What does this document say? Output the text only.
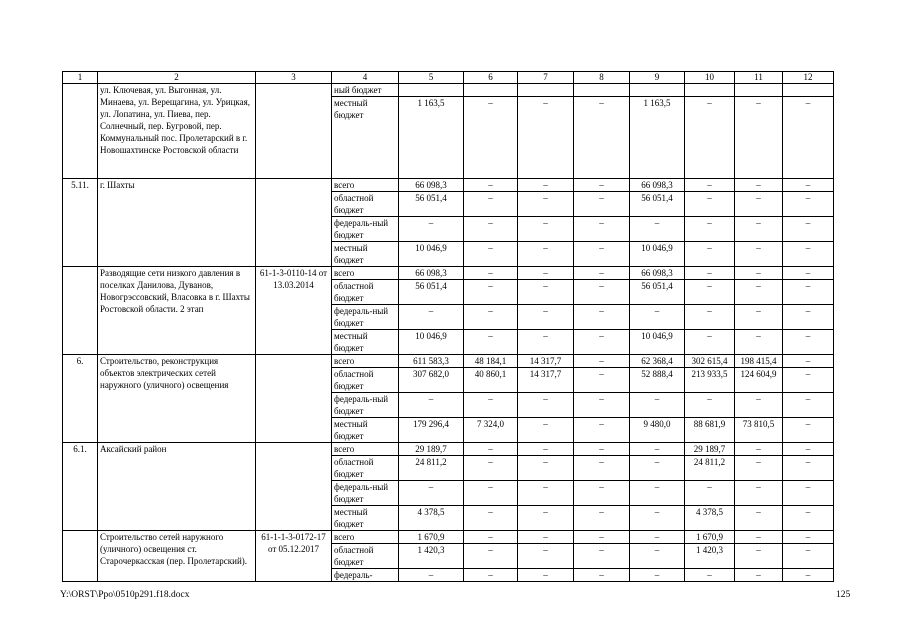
1	2	3	4	5	6	7	8	9	10	11	12
	ул. Ключевая, ул. Выгонная, ул. Минаева, ул. Верещагина, ул. Урицкая, ул. Лопатина, ул. Пиева, пер. Солнечный, пер. Бугровой, пер. Коммунальный пос. Пролетарский в г. Новошахтинске Ростовской области		ный бюджет								
			местный бюджет	1 163,5	–	–	–	1 163,5	–	–	–
5.11.	г. Шахты		всего	66 098,3	–	–	–	66 098,3	–	–	–
			областной бюджет	56 051,4	–	–	–	56 051,4	–	–	–
			федераль-ный бюджет	–	–	–	–	–	–	–	–
			местный бюджет	10 046,9	–	–	–	10 046,9	–	–	–
	Разводящие сети низкого давления в поселках Данилова, Дуванов, Новогрэссовский, Власовка в г. Шахты Ростовской области. 2 этап	61-1-3-0110-14 от 13.03.2014	всего	66 098,3	–	–	–	66 098,3	–	–	–
			областной бюджет	56 051,4	–	–	–	56 051,4	–	–	–
			федераль-ный бюджет	–	–	–	–	–	–	–	–
			местный бюджет	10 046,9	–	–	–	10 046,9	–	–	–
6.	Строительство, реконструкция объектов электрических сетей наружного (уличного) освещения		всего	611 583,3	48 184,1	14 317,7	–	62 368,4	302 615,4	198 415,4	–
			областной бюджет	307 682,0	40 860,1	14 317,7	–	52 888,4	213 933,5	124 604,9	–
			федераль-ный бюджет	–	–	–	–	–	–	–	–
			местный бюджет	179 296,4	7 324,0	–	–	9 480,0	88 681,9	73 810,5	–
6.1.	Аксайский район		всего	29 189,7	–	–	–	–	29 189,7	–	–
			областной бюджет	24 811,2	–	–	–	–	24 811,2	–	–
			федераль-ный бюджет	–	–	–	–	–	–	–	–
			местный бюджет	4 378,5	–	–	–	–	4 378,5	–	–
	Строительство сетей наружного (уличного) освещения ст. Старочеркасская (пер. Пролетарский).	61-1-1-3-0172-17 от 05.12.2017	всего	1 670,9	–	–	–	–	1 670,9	–	–
			областной бюджет	1 420,3	–	–	–	–	1 420,3	–	–
			федераль-	–	–	–	–	–	–	–	–
Y:\ORST\Ppo\0510p291.f18.docx	125
